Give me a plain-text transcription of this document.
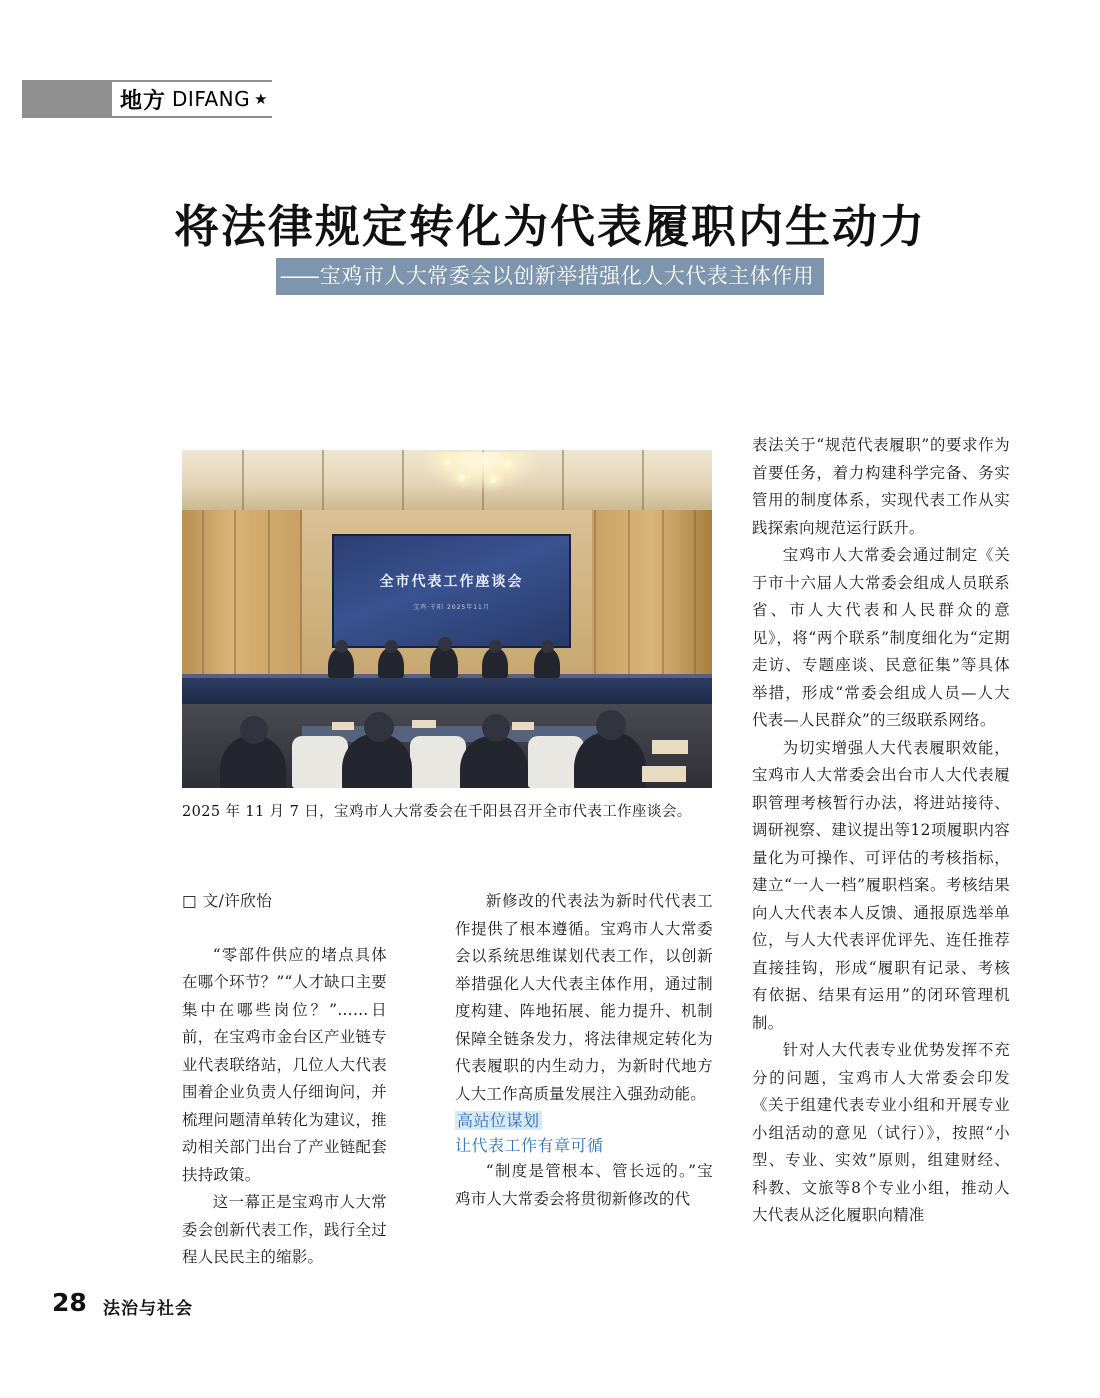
地方 DIFANG ★
将法律规定转化为代表履职内生动力
——宝鸡市人大常委会以创新举措强化人大代表主体作用
全市代表工作座谈会
宝鸡·千阳 2025年11月
2025 年 11 月 7 日，宝鸡市人大常委会在千阳县召开全市代表工作座谈会。
□ 文/许欣怡

“零部件供应的堵点具体在哪个环节？”“人才缺口主要集中在哪些岗位？”……日前，在宝鸡市金台区产业链专业代表联络站，几位人大代表围着企业负责人仔细询问，并梳理问题清单转化为建议，推动相关部门出台了产业链配套扶持政策。

这一幕正是宝鸡市人大常委会创新代表工作，践行全过程人民民主的缩影。

新修改的代表法为新时代代表工作提供了根本遵循。宝鸡市人大常委会以系统思维谋划代表工作，以创新举措强化人大代表主体作用，通过制度构建、阵地拓展、能力提升、机制保障全链条发力，将法律规定转化为代表履职的内生动力，为新时代地方人大工作高质量发展注入强劲动能。

高站位谋划
让代表工作有章可循

“制度是管根本、管长远的。”宝鸡市人大常委会将贯彻新修改的代

表法关于“规范代表履职”的要求作为首要任务，着力构建科学完备、务实管用的制度体系，实现代表工作从实践探索向规范运行跃升。

宝鸡市人大常委会通过制定《关于市十六届人大常委会组成人员联系省、市人大代表和人民群众的意见》，将“两个联系”制度细化为“定期走访、专题座谈、民意征集”等具体举措，形成“常委会组成人员—人大代表—人民群众”的三级联系网络。

为切实增强人大代表履职效能，宝鸡市人大常委会出台市人大代表履职管理考核暂行办法，将进站接待、调研视察、建议提出等12项履职内容量化为可操作、可评估的考核指标，建立“一人一档”履职档案。考核结果向人大代表本人反馈、通报原选举单位，与人大代表评优评先、连任推荐直接挂钩，形成“履职有记录、考核有依据、结果有运用”的闭环管理机制。

针对人大代表专业优势发挥不充分的问题，宝鸡市人大常委会印发《关于组建代表专业小组和开展专业小组活动的意见（试行）》，按照“小型、专业、实效”原则，组建财经、科教、文旅等8个专业小组，推动人大代表从泛化履职向精准

28 法治与社会
